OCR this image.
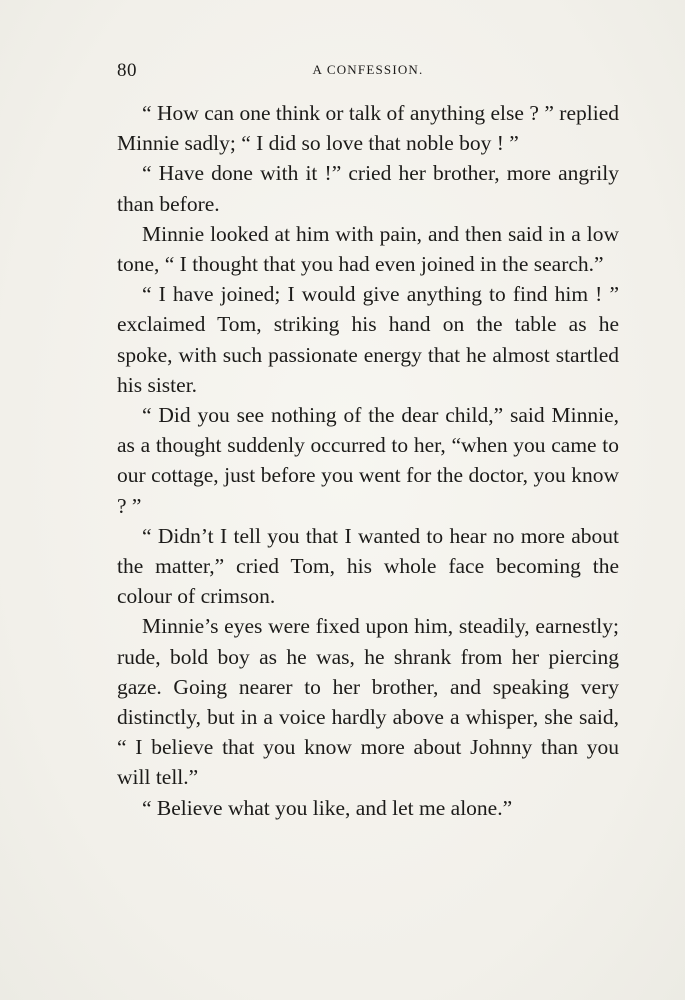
80	A CONFESSION.

“ How can one think or talk of anything else ? ” replied Minnie sadly; “ I did so love that noble boy ! ”

“ Have done with it !” cried her brother, more angrily than before.

Minnie looked at him with pain, and then said in a low tone, “ I thought that you had even joined in the search.”

“ I have joined; I would give anything to find him ! ” exclaimed Tom, striking his hand on the table as he spoke, with such passionate energy that he almost startled his sister.

“ Did you see nothing of the dear child,” said Minnie, as a thought suddenly occurred to her, “when you came to our cottage, just before you went for the doctor, you know ? ”

“ Didn’t I tell you that I wanted to hear no more about the matter,” cried Tom, his whole face becoming the colour of crimson.

Minnie’s eyes were fixed upon him, steadily, earnestly; rude, bold boy as he was, he shrank from her piercing gaze. Going nearer to her brother, and speaking very distinctly, but in a voice hardly above a whisper, she said, “ I believe that you know more about Johnny than you will tell.”

“ Believe what you like, and let me alone.”
